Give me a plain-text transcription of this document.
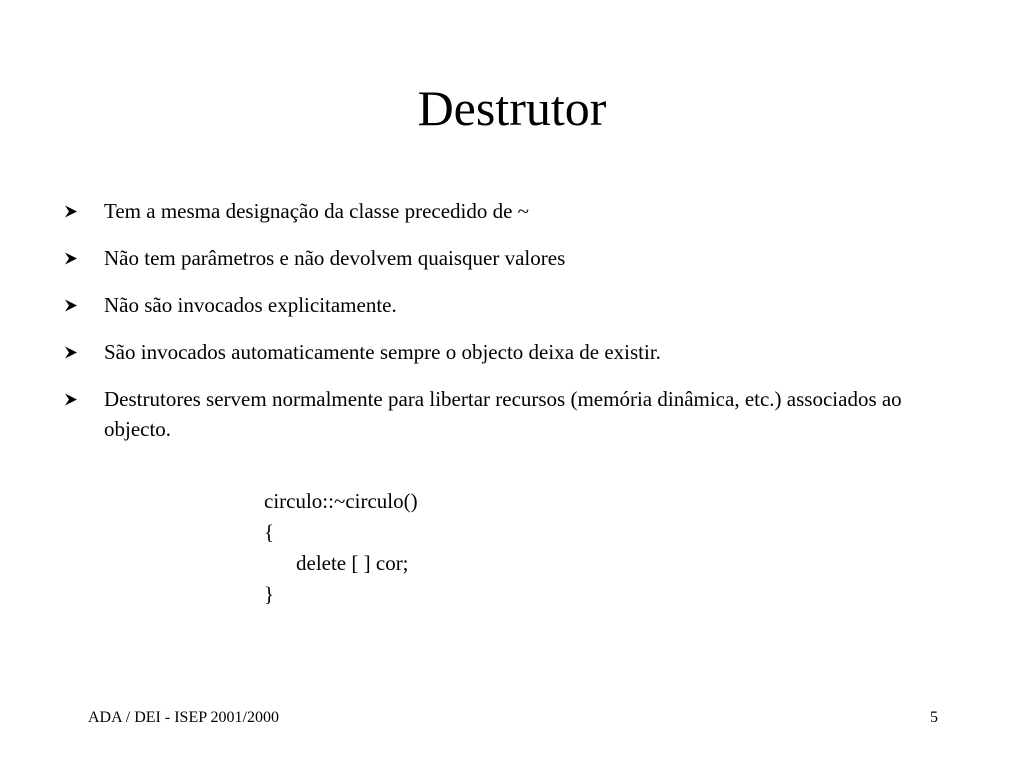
Destrutor
Tem a mesma designação da classe precedido de ~
Não tem parâmetros e não devolvem quaisquer valores
Não são invocados explicitamente.
São invocados automaticamente sempre o objecto deixa de existir.
Destrutores servem normalmente para libertar recursos (memória dinâmica, etc.) associados ao objecto.
circulo::~circulo()
{
delete [ ] cor;
}
ADA / DEI - ISEP 2001/2000	5
